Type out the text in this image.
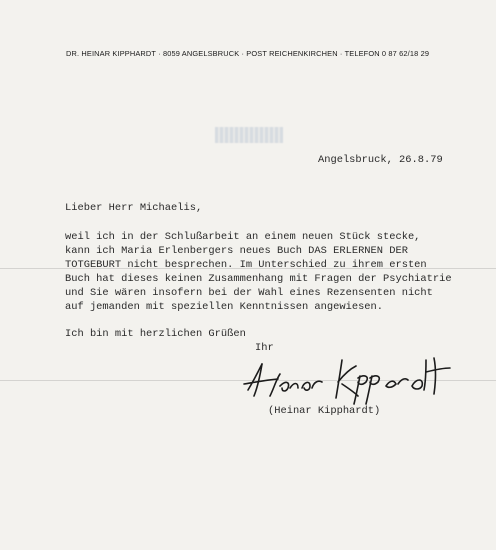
DR. HEINAR KIPPHARDT · 8059 ANGELSBRUCK · POST REICHENKIRCHEN · TELEFON 0 87 62/18 29
Angelsbruck, 26.8.79
Lieber Herr Michaelis,
weil ich in der Schlußarbeit an einem neuen Stück stecke,
kann ich Maria Erlenbergers neues Buch DAS ERLERNEN DER
TOTGEBURT nicht besprechen. Im Unterschied zu ihrem ersten
Buch hat dieses keinen Zusammenhang mit Fragen der Psychiatrie
und Sie wären insofern bei der Wahl eines Rezensenten nicht
auf jemanden mit speziellen Kenntnissen angewiesen.
Ich bin mit herzlichen Grüßen
Ihr
(Heinar Kipphardt)
